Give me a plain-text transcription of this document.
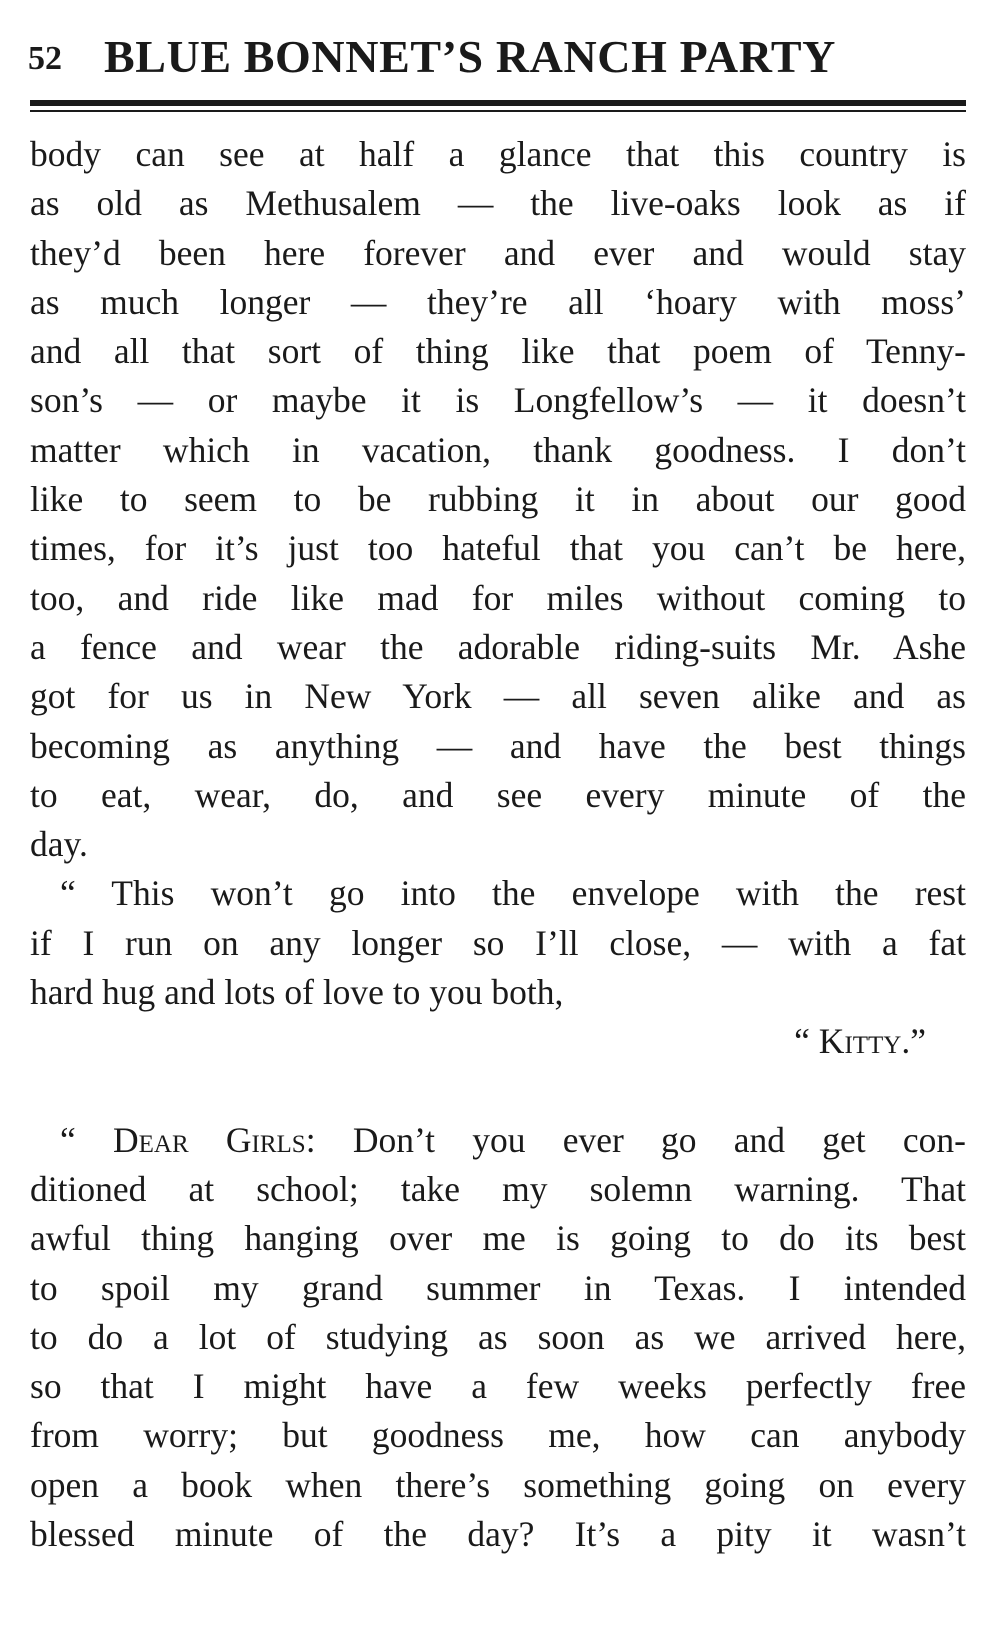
52 BLUE BONNET’S RANCH PARTY
body can see at half a glance that this country is
as old as Methusalem — the live-oaks look as if
they’d been here forever and ever and would stay
as much longer — they’re all ‘hoary with moss’
and all that sort of thing like that poem of Tenny-
son’s — or maybe it is Longfellow’s — it doesn’t
matter which in vacation, thank goodness. I don’t
like to seem to be rubbing it in about our good
times, for it’s just too hateful that you can’t be here,
too, and ride like mad for miles without coming to
a fence and wear the adorable riding-suits Mr. Ashe
got for us in New York — all seven alike and as
becoming as anything — and have the best things
to eat, wear, do, and see every minute of the
day.
“ This won’t go into the envelope with the rest
if I run on any longer so I’ll close, — with a fat
hard hug and lots of love to you both,
“ Kitty.”
“ Dear Girls: Don’t you ever go and get con-
ditioned at school; take my solemn warning. That
awful thing hanging over me is going to do its best
to spoil my grand summer in Texas. I intended
to do a lot of studying as soon as we arrived here,
so that I might have a few weeks perfectly free
from worry; but goodness me, how can anybody
open a book when there’s something going on every
blessed minute of the day? It’s a pity it wasn’t
